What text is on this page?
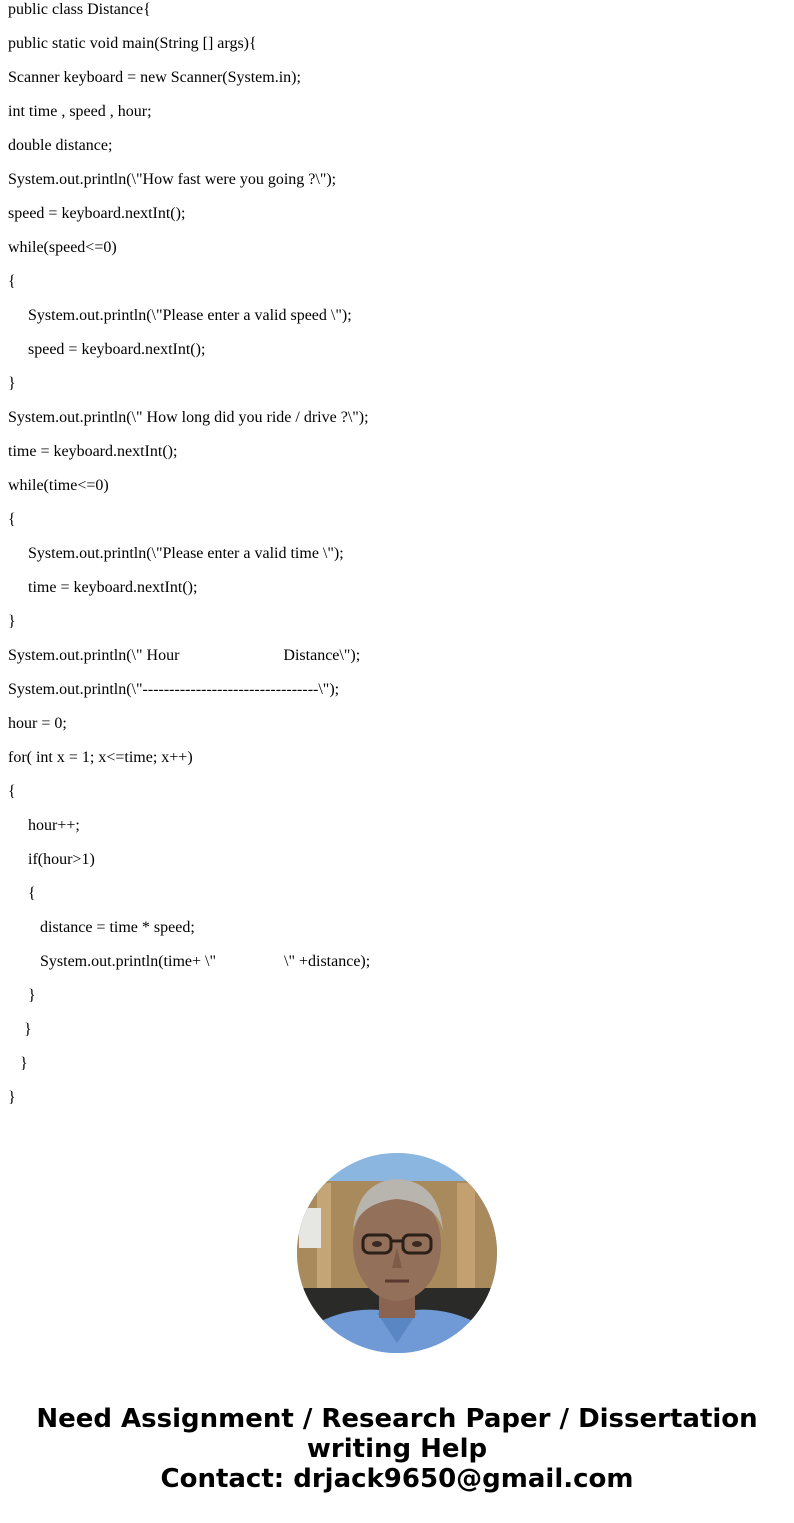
public class Distance{

public static void main(String [] args){

Scanner keyboard = new Scanner(System.in);

int time , speed , hour;

double distance;

System.out.println(\"How fast were you going ?\");

speed = keyboard.nextInt();

while(speed<=0)

{

System.out.println(\"Please enter a valid speed \");

speed = keyboard.nextInt();

}

System.out.println(\" How long did you ride / drive ?\");

time = keyboard.nextInt();

while(time<=0)

{

System.out.println(\"Please enter a valid time \");

time = keyboard.nextInt();

}

System.out.println(\" Hour                          Distance\");

System.out.println(\"---------------------------------\");

hour = 0;

for( int x = 1; x<=time; x++)

{

hour++;

if(hour>1)

{

distance = time * speed;

System.out.println(time+ \"                 \" +distance);

}

}

}

}

Need Assignment / Research Paper / Dissertation
writing Help
Contact: drjack9650@gmail.com
